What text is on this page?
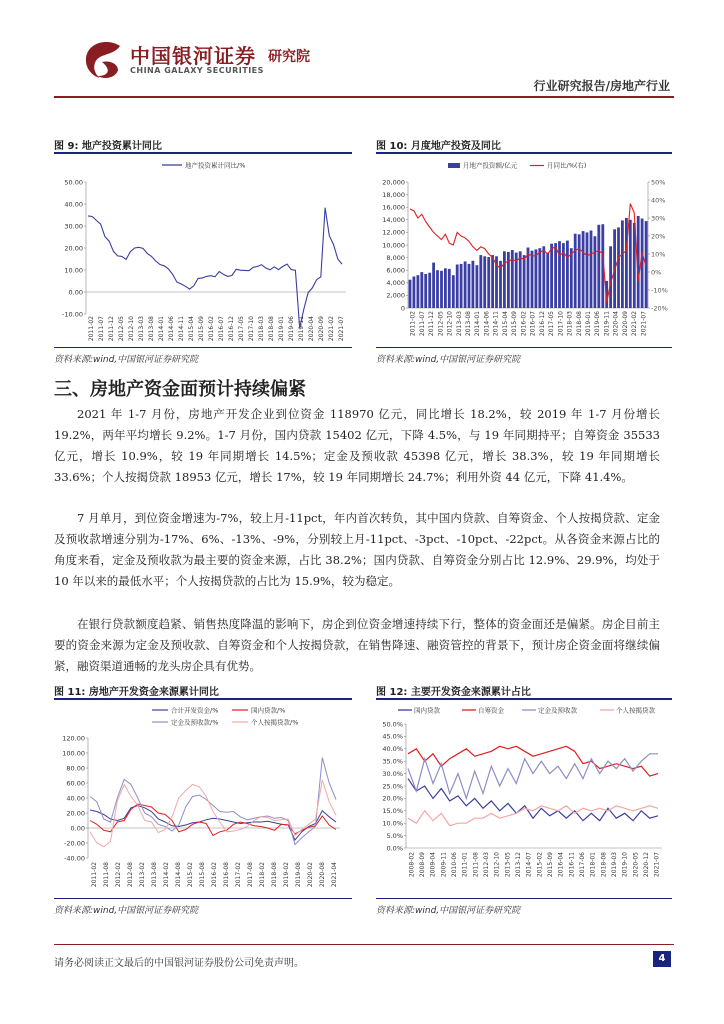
中国银河证券 研究院
CHINA GALAXY SECURITIES
行业研究报告/房地产行业
图 9: 地产投资累计同比
50.00
40.00
30.00
20.00
10.00
0.00
-10.00
2011-02 2011-07 2011-12 2012-05 2012-10 2013-03 2013-08 2014-01 2014-06 2014-11 2015-04 2015-09 2016-02 2016-07 2016-12 2017-05 2017-10 2018-03 2018-08 2019-01 2019-06 2019-11 2020-04 2020-09 2021-02 2021-07
地产投资累计同比/%
资料来源:wind,中国银河证券研究院
图 10: 月度地产投资及同比
20,000
18,000
16,000
14,000
12,000
10,000
8,000
6,000
4,000
2,000
0
50%
40%
30%
20%
10%
0%
-10%
-20%
2011-02 2011-07 2011-12 2012-05 2012-10 2013-03 2013-08 2014-01 2014-06 2014-11 2015-04 2015-09 2016-02 2016-07 2016-12 2017-05 2017-10 2018-03 2018-08 2019-01 2019-06 2019-11 2020-04 2020-09 2021-02 2021-07
月地产投资额/亿元	月同比/%(右)
资料来源:wind,中国银河证券研究院
三、房地产资金面预计持续偏紧

2021 年 1-7 月份，房地产开发企业到位资金 118970 亿元，同比增长 18.2%，较 2019 年 1-7 月份增长 19.2%，两年平均增长 9.2%。1-7 月份，国内贷款 15402 亿元，下降 4.5%，与 19 年同期持平；自筹资金 35533 亿元，增长 10.9%，较 19 年同期增长 14.5%；定金及预收款 45398 亿元，增长 38.3%，较 19 年同期增长 33.6%；个人按揭贷款 18953 亿元，增长 17%，较 19 年同期增长 24.7%；利用外资 44 亿元，下降 41.4%。

7 月单月，到位资金增速为-7%，较上月-11pct，年内首次转负，其中国内贷款、自筹资金、个人按揭贷款、定金及预收款增速分别为-17%、6%、-13%、-9%，分别较上月-11pct、-3pct、-10pct、-22pct。从各资金来源占比的角度来看，定金及预收款为最主要的资金来源，占比 38.2%；国内贷款、自筹资金分别占比 12.9%、29.9%，均处于 10 年以来的最低水平；个人按揭贷款的占比为 15.9%，较为稳定。

在银行贷款额度趋紧、销售热度降温的影响下，房企到位资金增速持续下行，整体的资金面还是偏紧。房企目前主要的资金来源为定金及预收款、自筹资金和个人按揭贷款，在销售降速、融资管控的背景下，预计房企资金面将继续偏紧，融资渠道通畅的龙头房企具有优势。

图 11: 房地产开发资金来源累计同比
120.00
100.00
80.00
60.00
40.00
20.00
0.00
-20.00
-40.00
2011-02 2011-08 2012-02 2012-08 2013-02 2013-08 2014-02 2014-08 2015-02 2015-08 2016-02 2016-08 2017-02 2017-08 2018-02 2018-08 2019-02 2019-08 2020-02 2020-08 2021-04
合计开发资金/%	国内贷款/%
定金及预收款/%	个人按揭贷款/%
资料来源:wind,中国银河证券研究院
图 12: 主要开发资金来源累计占比
50.0%
45.0%
40.0%
35.0%
30.0%
25.0%
20.0%
15.0%
10.0%
5.0%
0.0%
2008-02 2008-09 2009-04 2009-11 2010-06 2011-01 2011-08 2012-03 2012-10 2013-05 2013-12 2014-07 2015-02 2015-09 2016-04 2016-11 2017-06 2018-01 2018-08 2019-03 2019-10 2020-05 2020-12 2021-07
国内贷款	自筹资金	定金及预收款	个人按揭贷款
资料来源:wind,中国银河证券研究院
请务必阅读正文最后的中国银河证券股份公司免责声明。	4
